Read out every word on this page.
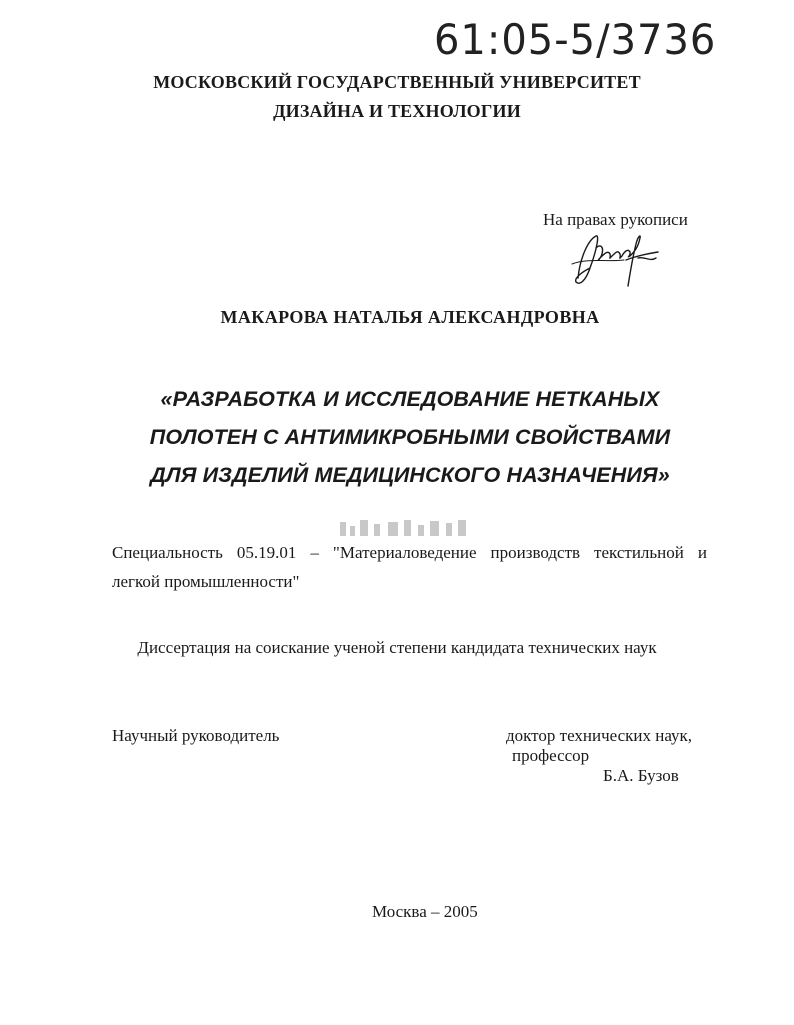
61:05-5/3736
МОСКОВСКИЙ ГОСУДАРСТВЕННЫЙ УНИВЕРСИТЕТ
ДИЗАЙНА И ТЕХНОЛОГИИ
На правах рукописи
МАКАРОВА НАТАЛЬЯ АЛЕКСАНДРОВНА
«РАЗРАБОТКА И ИССЛЕДОВАНИЕ НЕТКАНЫХ
ПОЛОТЕН С АНТИМИКРОБНЫМИ СВОЙСТВАМИ
ДЛЯ ИЗДЕЛИЙ МЕДИЦИНСКОГО НАЗНАЧЕНИЯ»
Специальность 05.19.01 – "Материаловедение производств текстильной и
легкой промышленности"
Диссертация на соискание ученой степени кандидата технических наук
Научный руководитель	доктор технических наук,
профессор
Б.А. Бузов
Москва – 2005
